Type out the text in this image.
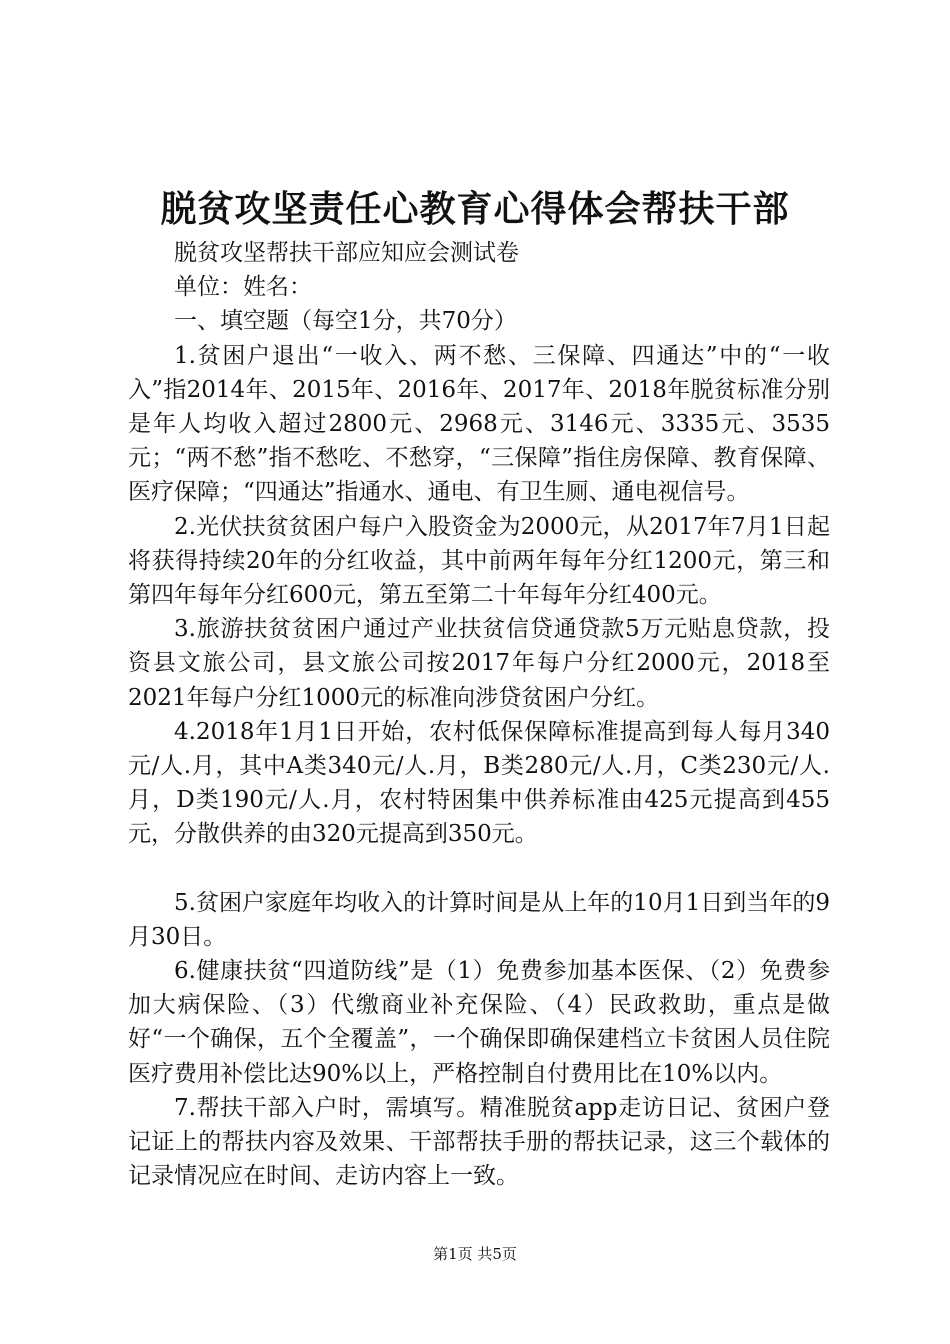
脱贫攻坚责任心教育心得体会帮扶干部

脱贫攻坚帮扶干部应知应会测试卷

单位：姓名：

一、填空题（每空1分，共70分）

1.贫困户退出“一收入、两不愁、三保障、四通达”中的“一收入”指2014年、2015年、2016年、2017年、2018年脱贫标准分别是年人均收入超过2800元、2968元、3146元、3335元、3535元；“两不愁”指不愁吃、不愁穿，“三保障”指住房保障、教育保障、医疗保障；“四通达”指通水、通电、有卫生厕、通电视信号。

2.光伏扶贫贫困户每户入股资金为2000元，从2017年7月1日起将获得持续20年的分红收益，其中前两年每年分红1200元，第三和第四年每年分红600元，第五至第二十年每年分红400元。

3.旅游扶贫贫困户通过产业扶贫信贷通贷款5万元贴息贷款，投资县文旅公司，县文旅公司按2017年每户分红2000元，2018至2021年每户分红1000元的标准向涉贷贫困户分红。

4.2018年1月1日开始，农村低保保障标准提高到每人每月340元/人.月，其中A类340元/人.月，B类280元/人.月，C类230元/人.月，D类190元/人.月，农村特困集中供养标准由425元提高到455元，分散供养的由320元提高到350元。

5.贫困户家庭年均收入的计算时间是从上年的10月1日到当年的9月30日。

6.健康扶贫“四道防线”是（1）免费参加基本医保、（2）免费参加大病保险、（3）代缴商业补充保险、（4）民政救助，重点是做好“一个确保，五个全覆盖”，一个确保即确保建档立卡贫困人员住院医疗费用补偿比达90%以上，严格控制自付费用比在10%以内。

7.帮扶干部入户时，需填写。精准脱贫app走访日记、贫困户登记证上的帮扶内容及效果、干部帮扶手册的帮扶记录，这三个载体的记录情况应在时间、走访内容上一致。

第1页 共5页
